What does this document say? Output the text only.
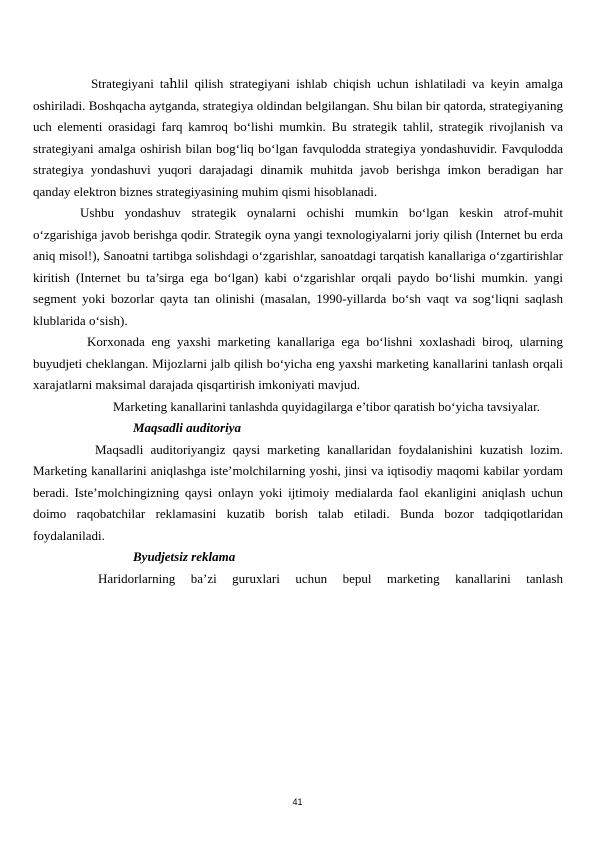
Strategiyani taհlil qilish strategiyani ishlab chiqish uchun ishlatiladi va keyin amalga oshiriladi. Boshqacha aytganda, strategiya oldindan belgilangan. Shu bilan bir qatorda, strategiyaning uch elementi orasidagi farq kamroq bo‘lishi mumkin. Bu strategik tahlil, strategik rivojlanish va strategiyani amalga oshirish bilan bog‘liq bo‘lgan favqulodda strategiya yondashuvidir. Favqulodda strategiya yondashuvi yuqori darajadagi dinamik muhitda javob berishga imkon beradigan har qanday elektron biznes strategiyasining muhim qismi hisoblanadi.

Ushbu yondashuv strategik oynalarni ochishi mumkin bo‘lgan keskin atrof-muhit o‘zgarishiga javob berishga qodir. Strategik oyna yangi texnologiyalarni joriy qilish (Internet bu erda aniq misol!), Sanoatni tartibga solishdagi o‘zgarishlar, sanoatdagi tarqatish kanallariga o‘zgartirishlar kiritish (Internet bu ta’sirga ega bo‘lgan) kabi o‘zgarishlar orqali paydo bo‘lishi mumkin. yangi segment yoki bozorlar qayta tan olinishi (masalan, 1990-yillarda bo‘sh vaqt va sog‘liqni saqlash klublarida o‘sish).

Korxonada eng yaxshi marketing kanallariga ega bo‘lishni xoxlashadi biroq, ularning buyudjeti cheklangan. Mijozlarni jalb qilish bo‘yicha eng yaxshi marketing kanallarini tanlash orqali xarajatlarni maksimal darajada qisqartirish imkoniyati mavjud.

Marketing kanallarini tanlashda quyidagilarga e’tibor qaratish bo‘yicha tavsiyalar.

Maqsadli auditoriya

Maqsadli auditoriyangiz qaysi marketing kanallaridan foydalanishini kuzatish lozim. Marketing kanallarini aniqlashga iste’molchilarning yoshi, jinsi va iqtisodiy maqomi kabilar yordam beradi. Iste’molchingizning qaysi onlayn yoki ijtimoiy medialarda faol ekanligini aniqlash uchun doimo raqobatchilar reklamasini kuzatib borish talab etiladi. Bunda bozor tadqiqotlaridan foydalaniladi.

Byudjetsiz reklama

Haridorlarning ba’zi guruxlari uchun bepul marketing kanallarini tanlash

41
